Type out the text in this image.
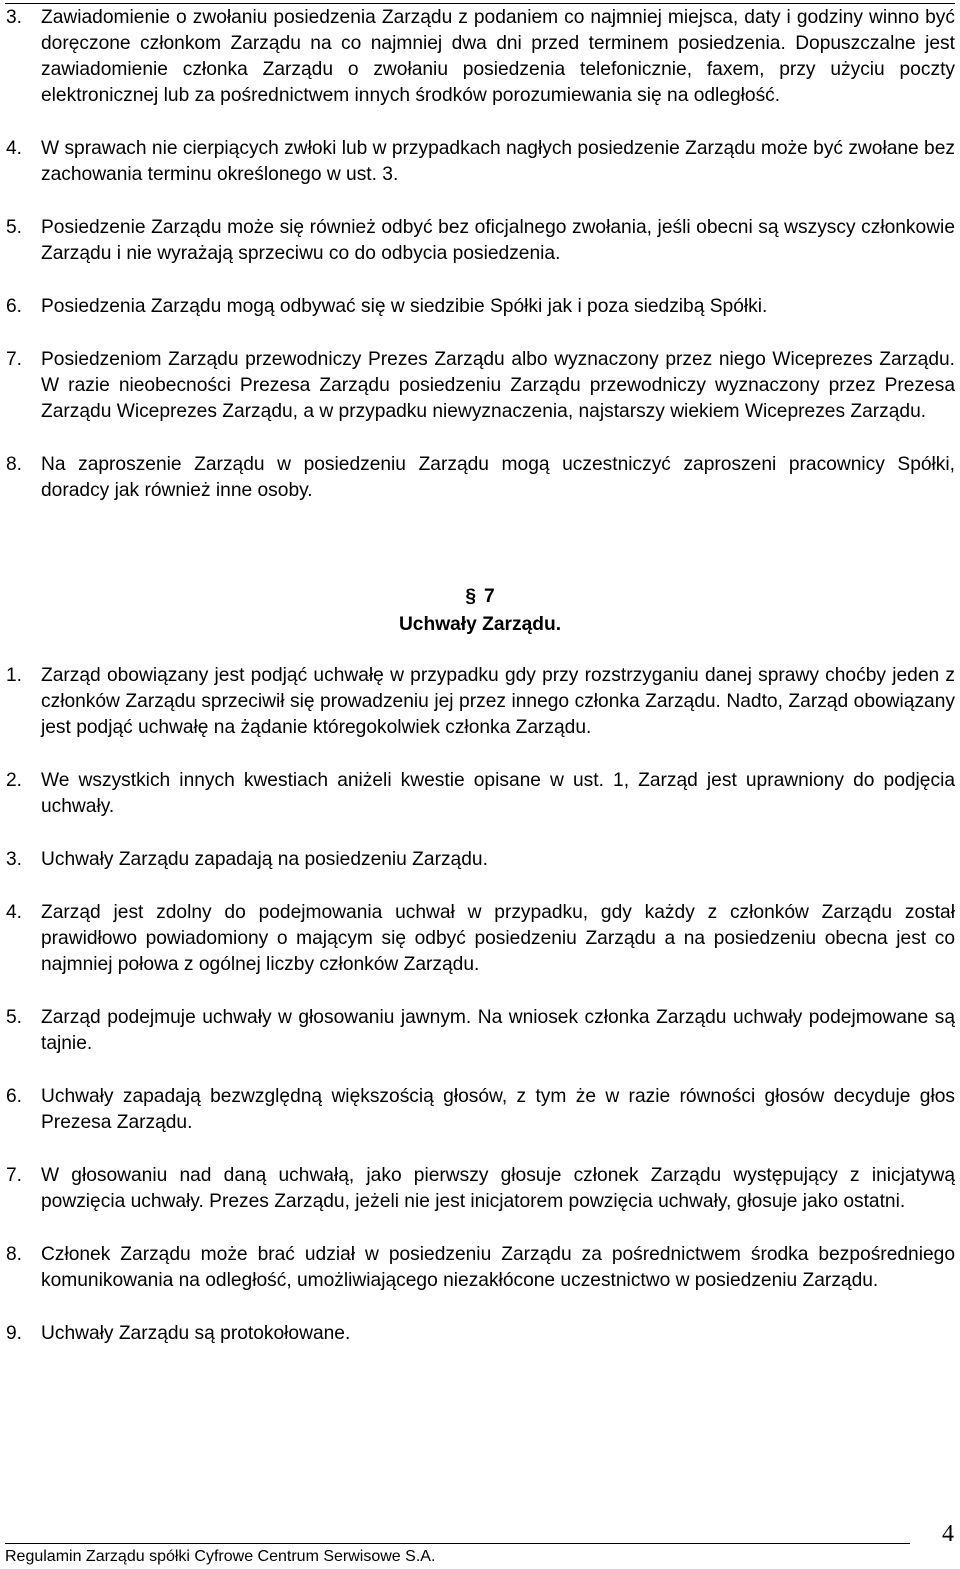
3. Zawiadomienie o zwołaniu posiedzenia Zarządu z podaniem co najmniej miejsca, daty i godziny winno być doręczone członkom Zarządu na co najmniej dwa dni przed terminem posiedzenia. Dopuszczalne jest zawiadomienie członka Zarządu o zwołaniu posiedzenia telefonicznie, faxem, przy użyciu poczty elektronicznej lub za pośrednictwem innych środków porozumiewania się na odległość.
4. W sprawach nie cierpiących zwłoki lub w przypadkach nagłych posiedzenie Zarządu może być zwołane bez zachowania terminu określonego w ust. 3.
5. Posiedzenie Zarządu może się również odbyć bez oficjalnego zwołania, jeśli obecni są wszyscy członkowie Zarządu i nie wyrażają sprzeciwu co do odbycia posiedzenia.
6. Posiedzenia Zarządu mogą odbywać się w siedzibie Spółki jak i poza siedzibą Spółki.
7. Posiedzeniom Zarządu przewodniczy Prezes Zarządu albo wyznaczony przez niego Wiceprezes Zarządu. W razie nieobecności Prezesa Zarządu posiedzeniu Zarządu przewodniczy wyznaczony przez Prezesa Zarządu Wiceprezes Zarządu, a w przypadku niewyznaczenia, najstarszy wiekiem Wiceprezes Zarządu.
8. Na zaproszenie Zarządu w posiedzeniu Zarządu mogą uczestniczyć zaproszeni pracownicy Spółki, doradcy jak również inne osoby.
§ 7
Uchwały Zarządu.
1. Zarząd obowiązany jest podjąć uchwałę w przypadku gdy przy rozstrzyganiu danej sprawy choćby jeden z członków Zarządu sprzeciwił się prowadzeniu jej przez innego członka Zarządu. Nadto, Zarząd obowiązany jest podjąć uchwałę na żądanie któregokolwiek członka Zarządu.
2. We wszystkich innych kwestiach aniżeli kwestie opisane w ust. 1, Zarząd jest uprawniony do podjęcia uchwały.
3. Uchwały Zarządu zapadają na posiedzeniu Zarządu.
4. Zarząd jest zdolny do podejmowania uchwał w przypadku, gdy każdy z członków Zarządu został prawidłowo powiadomiony o mającym się odbyć posiedzeniu Zarządu a na posiedzeniu obecna jest co najmniej połowa z ogólnej liczby członków Zarządu.
5. Zarząd podejmuje uchwały w głosowaniu jawnym. Na wniosek członka Zarządu uchwały podejmowane są tajnie.
6. Uchwały zapadają bezwzględną większością głosów, z tym że w razie równości głosów decyduje głos Prezesa Zarządu.
7. W głosowaniu nad daną uchwałą, jako pierwszy głosuje członek Zarządu występujący z inicjatywą powzięcia uchwały. Prezes Zarządu, jeżeli nie jest inicjatorem powzięcia uchwały, głosuje jako ostatni.
8. Członek Zarządu może brać udział w posiedzeniu Zarządu za pośrednictwem środka bezpośredniego komunikowania na odległość, umożliwiającego niezakłócone uczestnictwo w posiedzeniu Zarządu.
9. Uchwały Zarządu są protokołowane.
4
Regulamin Zarządu spółki Cyfrowe Centrum Serwisowe S.A.
